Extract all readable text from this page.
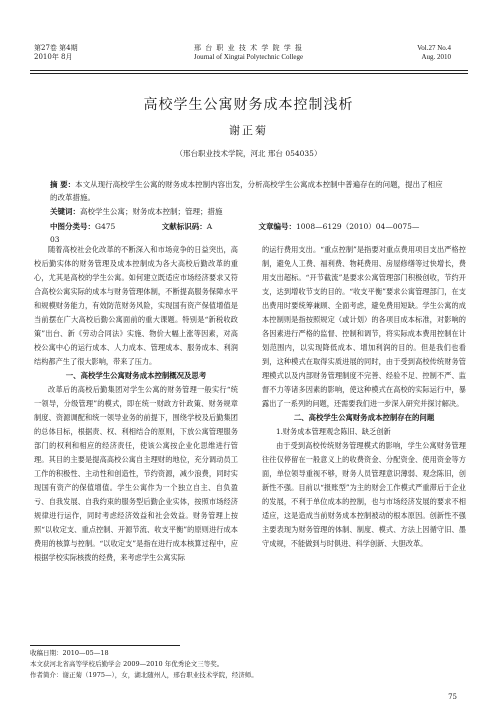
第27卷 第4期
2010年 8月
邢 台 职 业 技 术 学 院 学 报
Journal of Xingtai Polytechnic College
Vol.27 No.4
Aug. 2010
高校学生公寓财务成本控制浅析
谢正菊
（邢台职业技术学院，河北 邢台 054035）
摘 要：本文从现行高校学生公寓的财务成本控制内容出发，分析高校学生公寓成本控制中普遍存在的问题，提出了相应的改革措施。
关键词：高校学生公寓；财务成本控制；管理；措施
中图分类号：G475	文献标识码：A	文章编号：1008—6129（2010）04—0075—03

随着高校社会化改革的不断深入和市场竞争的日益突出，高校后勤实体的财务管理及成本控制成为各大高校后勤改革的重心，尤其是高校的学生公寓。如何建立既适应市场经济要求又符合高校公寓实际的成本与财务管理体制，不断提高服务保障水平和规模财务能力，有效防范财务风险，实现国有资产保值增值是当前摆在广大高校后勤公寓面前的重大课题。特别是“新税收政策”出台、新《劳动合同法》实施、物价大幅上涨等因素，对高校公寓中心的运行成本、人力成本、管理成本、服务成本、利润结构都产生了很大影响，带来了压力。

一、高校学生公寓财务成本控制概况及思考

改革后的高校后勤集团对学生公寓的财务管理一般实行“统一领导，分级管理”的模式，即在统一财政方针政策、财务规章制度、资源调配和统一领导业务的前提下，围绕学校及后勤集团的总体目标，根据责、权、利相结合的原则，下放公寓管理服务部门的权利和相应的经济责任，使该公寓按企业化思维进行管理。其目的主要是提高高校公寓自主理财的地位，充分调动员工工作的积极性、主动性和创造性，节约资源，减少浪费，同时实现国有资产的保值增值。学生公寓作为一个独立自主、自负盈亏、自我发展、自我约束的服务型后勤企业实体，按照市场经济规律进行运作，同时考虑经济效益和社会效益。财务管理上按照“以收定支、重点控制、开源节流、收支平衡”的原则进行成本费用的核算与控制。“以收定支”是指在进行成本核算过程中，应根据学校实际核拨的经费，来考虑学生公寓实际

的运行费用支出。“重点控制”是指要对重点费用项目支出严格控制，避免人工费、福利费、物耗费用、房屋修缮等过快增长，费用支出超标。“开节截流”是要求公寓管理部门积极创收，节约开支，达到增收节支的目的。“收支平衡”要求公寓管理部门，在支出费用时要统筹兼顾、全面考虑，避免费用短缺。学生公寓的成本控制则是指按照规定（或计划）的各项目成本标准，对影响的各因素进行严格的监督、控制和调节，将实际成本费用控制在计划范围内，以实现降低成本、增加利润的目的。但是我们也看到，这种模式在取得实质进展的同时，由于受到高校传统财务管理模式以及内部财务管理制度不完善、经验不足、控制不严、监督不力等诸多因素的影响，使这种模式在高校的实际运行中，暴露出了一系列的问题，还需要我们进一步深入研究并探讨解决。

二、高校学生公寓财务成本控制存在的问题
1.财务成本管理观念陈旧、缺乏创新

由于受到高校传统财务管理模式的影响，学生公寓财务管理往往仅停留在一般意义上的收费资金、分配资金、使用资金等方面，单位领导重视不够，财务人员管理意识薄弱、观念陈旧，创新性不强。目前以“报账型”为主的财会工作模式严重滞后于企业的发展，不利于单位成本的控制，也与市场经济发展的要求不相适应，这是造成当前财务成本控制被动的根本原因。创新性不强主要表现为财务管理的体制、制度、模式、方法上因循守旧、墨守成规，不能做到与时俱进、科学创新、大胆改革。

收稿日期：2010—05—18
本文获河北省高等学校后勤学会 2009—2010 年优秀论文三等奖。
作者简介：谢正菊（1975—），女，湖北随州人，邢台职业技术学院，经济师。
75
